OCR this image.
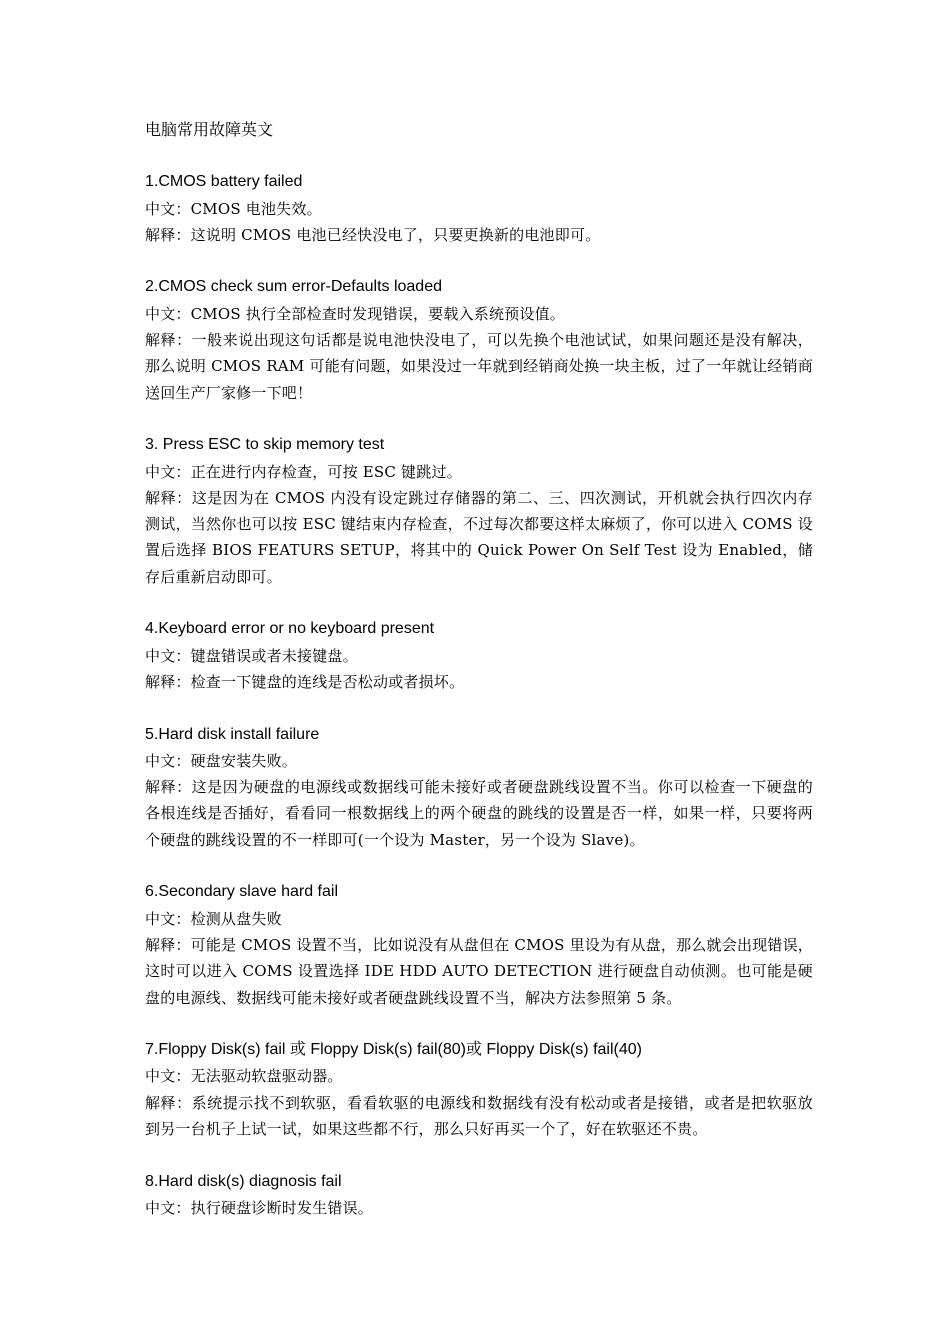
电脑常用故障英文
1.CMOS battery failed
中文：CMOS 电池失效。
解释：这说明 CMOS 电池已经快没电了，只要更换新的电池即可。
2.CMOS check sum error-Defaults loaded
中文：CMOS 执行全部检查时发现错误，要载入系统预设值。
解释：一般来说出现这句话都是说电池快没电了，可以先换个电池试试，如果问题还是没有解决，那么说明 CMOS RAM 可能有问题，如果没过一年就到经销商处换一块主板，过了一年就让经销商送回生产厂家修一下吧！
3. Press ESC to skip memory test
中文：正在进行内存检查，可按 ESC 键跳过。
解释：这是因为在 CMOS 内没有设定跳过存储器的第二、三、四次测试，开机就会执行四次内存测试，当然你也可以按 ESC 键结束内存检查，不过每次都要这样太麻烦了，你可以进入 COMS 设置后选择 BIOS FEATURS SETUP，将其中的 Quick Power On Self Test 设为 Enabled，储存后重新启动即可。
4.Keyboard error or no keyboard present
中文：键盘错误或者未接键盘。
解释：检查一下键盘的连线是否松动或者损坏。
5.Hard disk install failure
中文：硬盘安装失败。
解释：这是因为硬盘的电源线或数据线可能未接好或者硬盘跳线设置不当。你可以检查一下硬盘的各根连线是否插好，看看同一根数据线上的两个硬盘的跳线的设置是否一样，如果一样，只要将两个硬盘的跳线设置的不一样即可(一个设为 Master，另一个设为 Slave)。
6.Secondary slave hard fail
中文：检测从盘失败
解释：可能是 CMOS 设置不当，比如说没有从盘但在 CMOS 里设为有从盘，那么就会出现错误，这时可以进入 COMS 设置选择 IDE HDD AUTO DETECTION 进行硬盘自动侦测。也可能是硬盘的电源线、数据线可能未接好或者硬盘跳线设置不当，解决方法参照第 5 条。
7.Floppy Disk(s) fail 或 Floppy Disk(s) fail(80)或 Floppy Disk(s) fail(40)
中文：无法驱动软盘驱动器。
解释：系统提示找不到软驱，看看软驱的电源线和数据线有没有松动或者是接错，或者是把软驱放到另一台机子上试一试，如果这些都不行，那么只好再买一个了，好在软驱还不贵。
8.Hard disk(s) diagnosis fail
中文：执行硬盘诊断时发生错误。
